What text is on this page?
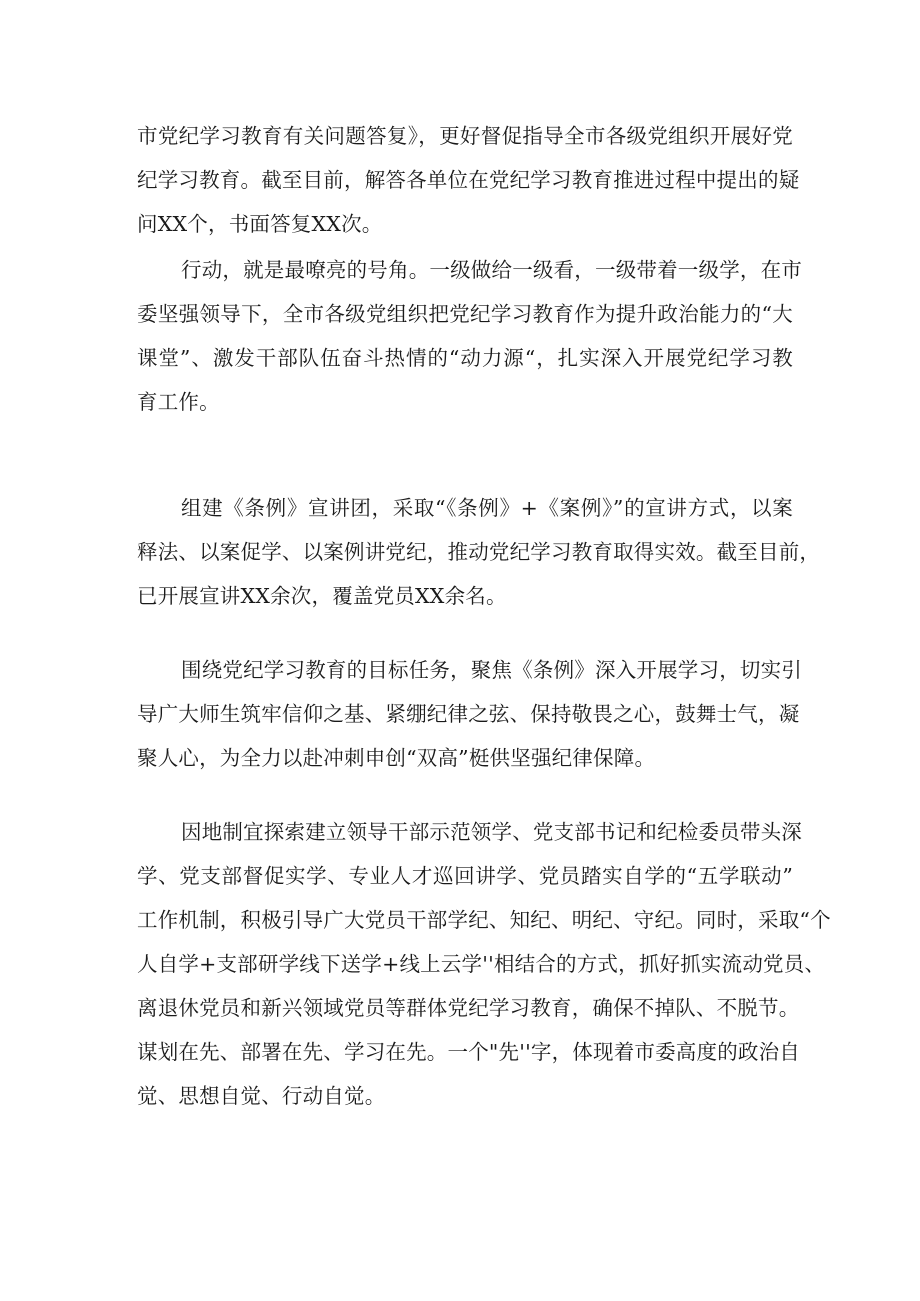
市党纪学习教育有关问题答复》，更好督促指导全市各级党组织开展好党
纪学习教育。截至目前，解答各单位在党纪学习教育推进过程中提出的疑
问XX个，书面答复XX次。
行动，就是最嘹亮的号角。一级做给一级看，一级带着一级学，在市
委坚强领导下，全市各级党组织把党纪学习教育作为提升政治能力的“大
课堂”、激发干部队伍奋斗热情的“动力源“，扎实深入开展党纪学习教
育工作。
组建《条例》宣讲团，采取“《条例》+《案例》”的宣讲方式，以案
释法、以案促学、以案例讲党纪，推动党纪学习教育取得实效。截至目前，
已开展宣讲XX余次，覆盖党员XX余名。
围绕党纪学习教育的目标任务，聚焦《条例》深入开展学习，切实引
导广大师生筑牢信仰之基、紧绷纪律之弦、保持敬畏之心，鼓舞士气，凝
聚人心，为全力以赴冲刺申创“双高”梃供坚强纪律保障。
因地制宜探索建立领导干部示范领学、党支部书记和纪检委员带头深
学、党支部督促实学、专业人才巡回讲学、党员踏实自学的“五学联动”
工作机制，积极引导广大党员干部学纪、知纪、明纪、守纪。同时，采取“个
人自学+支部研学线下送学+线上云学''相结合的方式，抓好抓实流动党员、
离退休党员和新兴领域党员等群体党纪学习教育，确保不掉队、不脱节。
谋划在先、部署在先、学习在先。一个"先''字，体现着市委高度的政治自
觉、思想自觉、行动自觉。
